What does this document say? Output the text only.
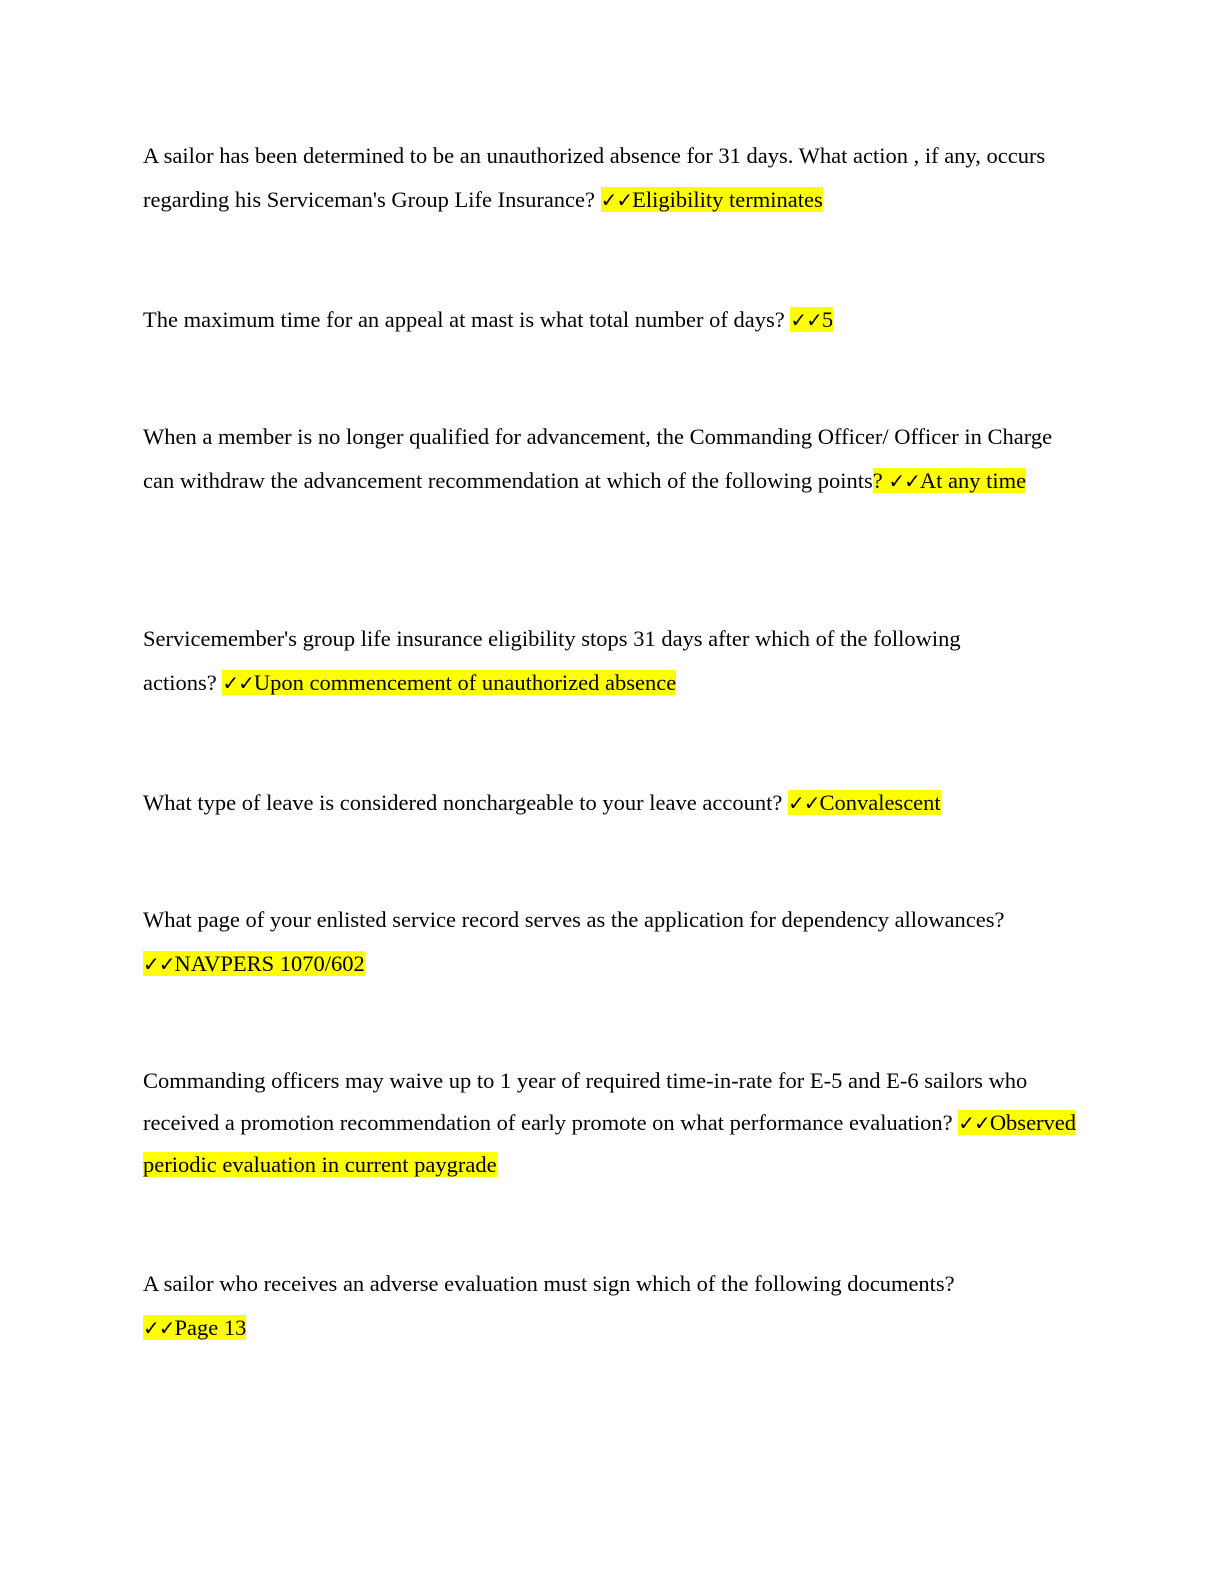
A sailor has been determined to be an unauthorized absence for 31 days. What action , if any, occurs regarding his Serviceman's Group Life Insurance? ✓✓Eligibility terminates

The maximum time for an appeal at mast is what total number of days? ✓✓5

When a member is no longer qualified for advancement, the Commanding Officer/ Officer in Charge can withdraw the advancement recommendation at which of the following points? ✓✓At any time

Servicemember's group life insurance eligibility stops 31 days after which of the following actions? ✓✓Upon commencement of unauthorized absence

What type of leave is considered nonchargeable to your leave account? ✓✓Convalescent

What page of your enlisted service record serves as the application for dependency allowances? ✓✓NAVPERS 1070/602

Commanding officers may waive up to 1 year of required time-in-rate for E-5 and E-6 sailors who received a promotion recommendation of early promote on what performance evaluation? ✓✓Observed periodic evaluation in current paygrade

A sailor who receives an adverse evaluation must sign which of the following documents? ✓✓Page 13
